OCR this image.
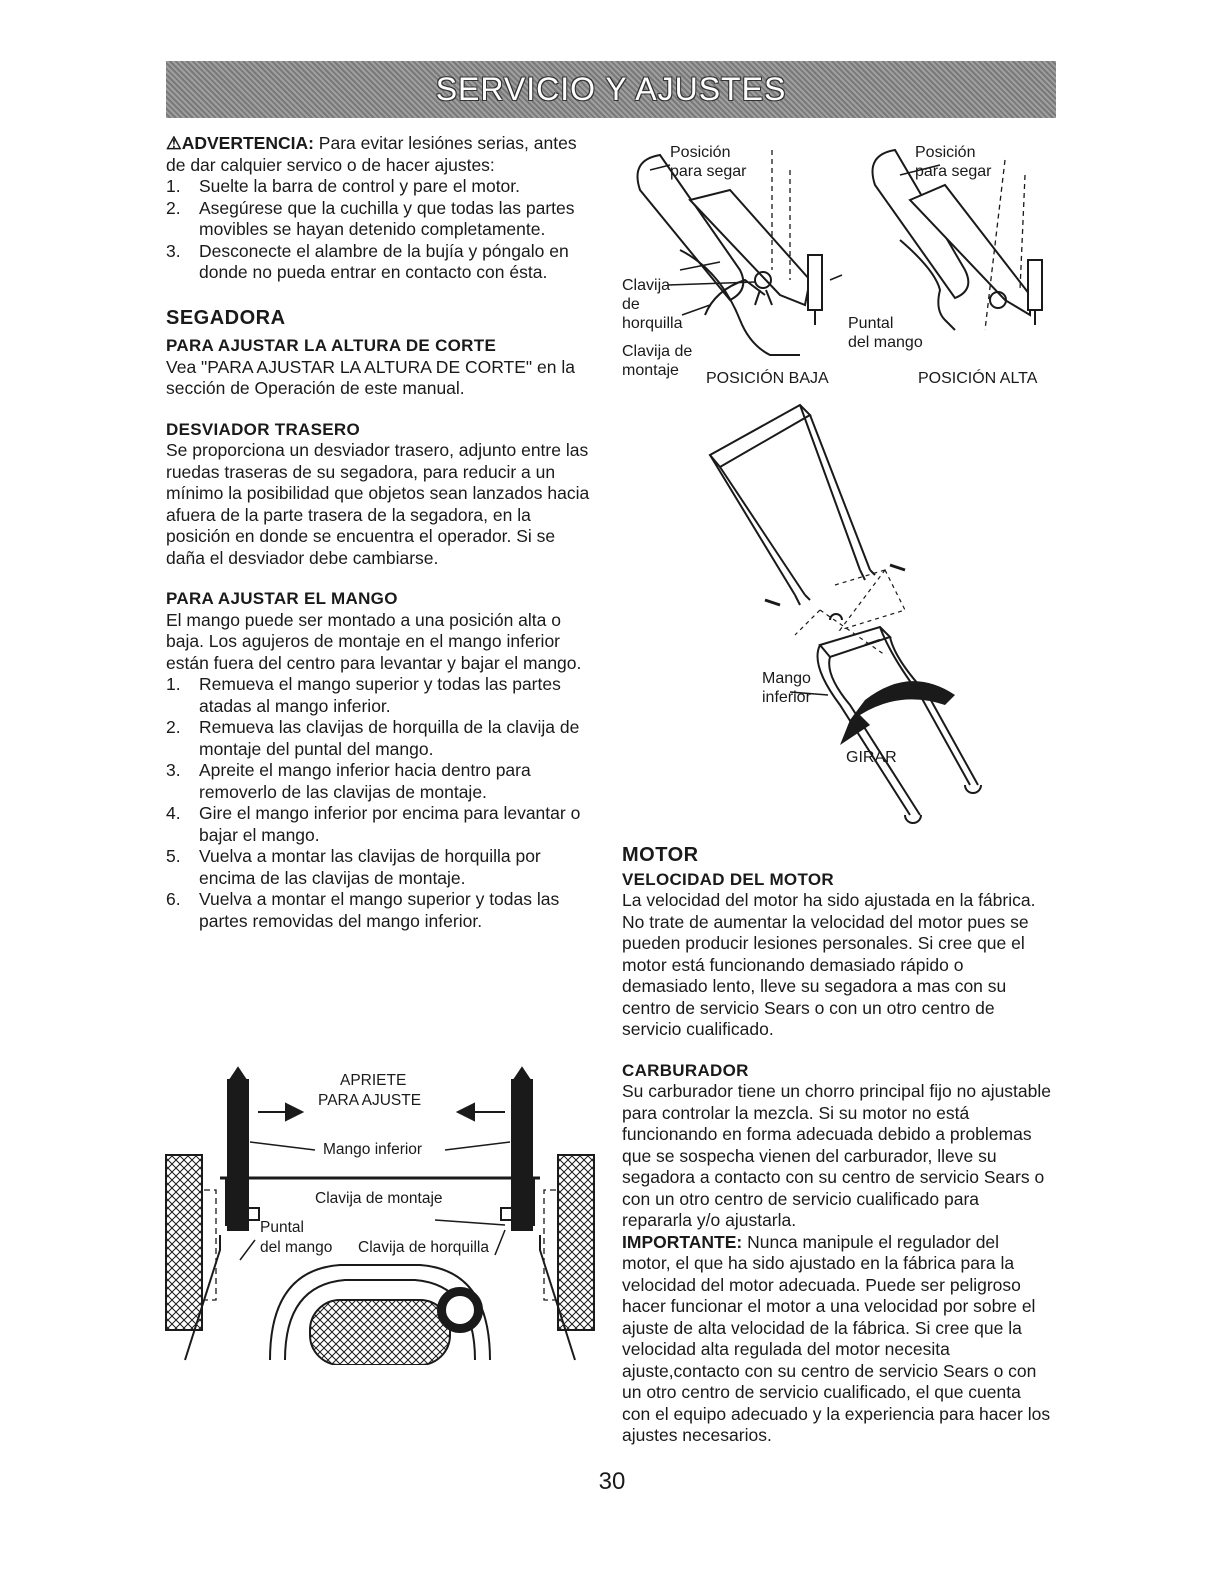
SERVICIO Y AJUSTES

⚠ADVERTENCIA: Para evitar lesiónes serias, antes de dar calquier servico o de hacer ajustes:

1.	Suelte la barra de control y pare el motor.
2.	Asegúrese que la cuchilla y que todas las partes movibles se hayan detenido completamente.
3.	Desconecte el alambre de la bujía y póngalo en donde no pueda entrar en contacto con ésta.

SEGADORA

PARA AJUSTAR LA ALTURA DE CORTE

Vea "PARA AJUSTAR LA ALTURA DE CORTE" en la sección de Operación de este manual.

DESVIADOR TRASERO

Se proporciona un desviador trasero, adjunto entre las ruedas traseras de su segadora, para reducir a un mínimo la posibilidad que objetos sean lanzados hacia afuera de la parte trasera de la segadora, en la posición en donde se encuentra el operador. Si se daña el desviador debe cambiarse.

PARA AJUSTAR EL MANGO

El mango puede ser montado a una posición alta o baja. Los agujeros de montaje en el mango inferior están fuera del centro para levantar y bajar el mango.

1.	Remueva el mango superior y todas las partes atadas al mango inferior.
2.	Remueva las clavijas de horquilla de la clavija de montaje del puntal del mango.
3.	Apreite el mango inferior hacia dentro para removerlo de las clavijas de montaje.
4.	Gire el mango inferior por encima para levantar o bajar el mango.
5.	Vuelva a montar las clavijas de horquilla por encima de las clavijas de montaje.
6.	Vuelva a montar el mango superior y todas las partes removidas del mango inferior.
Posición
para segar
Posición
para segar
Clavija
de
horquilla
Clavija de
montaje
Puntal
del mango
POSICIÓN BAJA	POSICIÓN ALTA
Mango
inferior
GIRAR

MOTOR

VELOCIDAD DEL MOTOR

La velocidad del motor ha sido ajustada en la fábrica. No trate de aumentar la velocidad del motor pues se pueden producir lesiones personales. Si cree que el motor está funcionando demasiado rápido o demasiado lento, lleve su segadora a mas con su centro de servicio Sears o con un otro centro de servicio cualificado.

CARBURADOR

Su carburador tiene un chorro principal fijo no ajustable para controlar la mezcla. Si su motor no está funcionando en forma adecuada debido a problemas que se sospecha vienen del carburador, lleve su segadora a contacto con su centro de servicio Sears o con un otro centro de servicio cualificado para repararla y/o ajustarla.

IMPORTANTE: Nunca manipule el regulador del motor, el que ha sido ajustado en la fábrica para la velocidad del motor adecuada. Puede ser peligroso hacer funcionar el motor a una velocidad por sobre el ajuste de alta velocidad de la fábrica. Si cree que la velocidad alta regulada del motor necesita ajuste,contacto con su centro de servicio Sears o con un otro centro de servicio cualificado, el que cuenta con el equipo adecuado y la experiencia para hacer los ajustes necesarios.

APRIETE
PARA AJUSTE
Mango inferior
Clavija de montaje
Puntal
del mango Clavija de horquilla
30
